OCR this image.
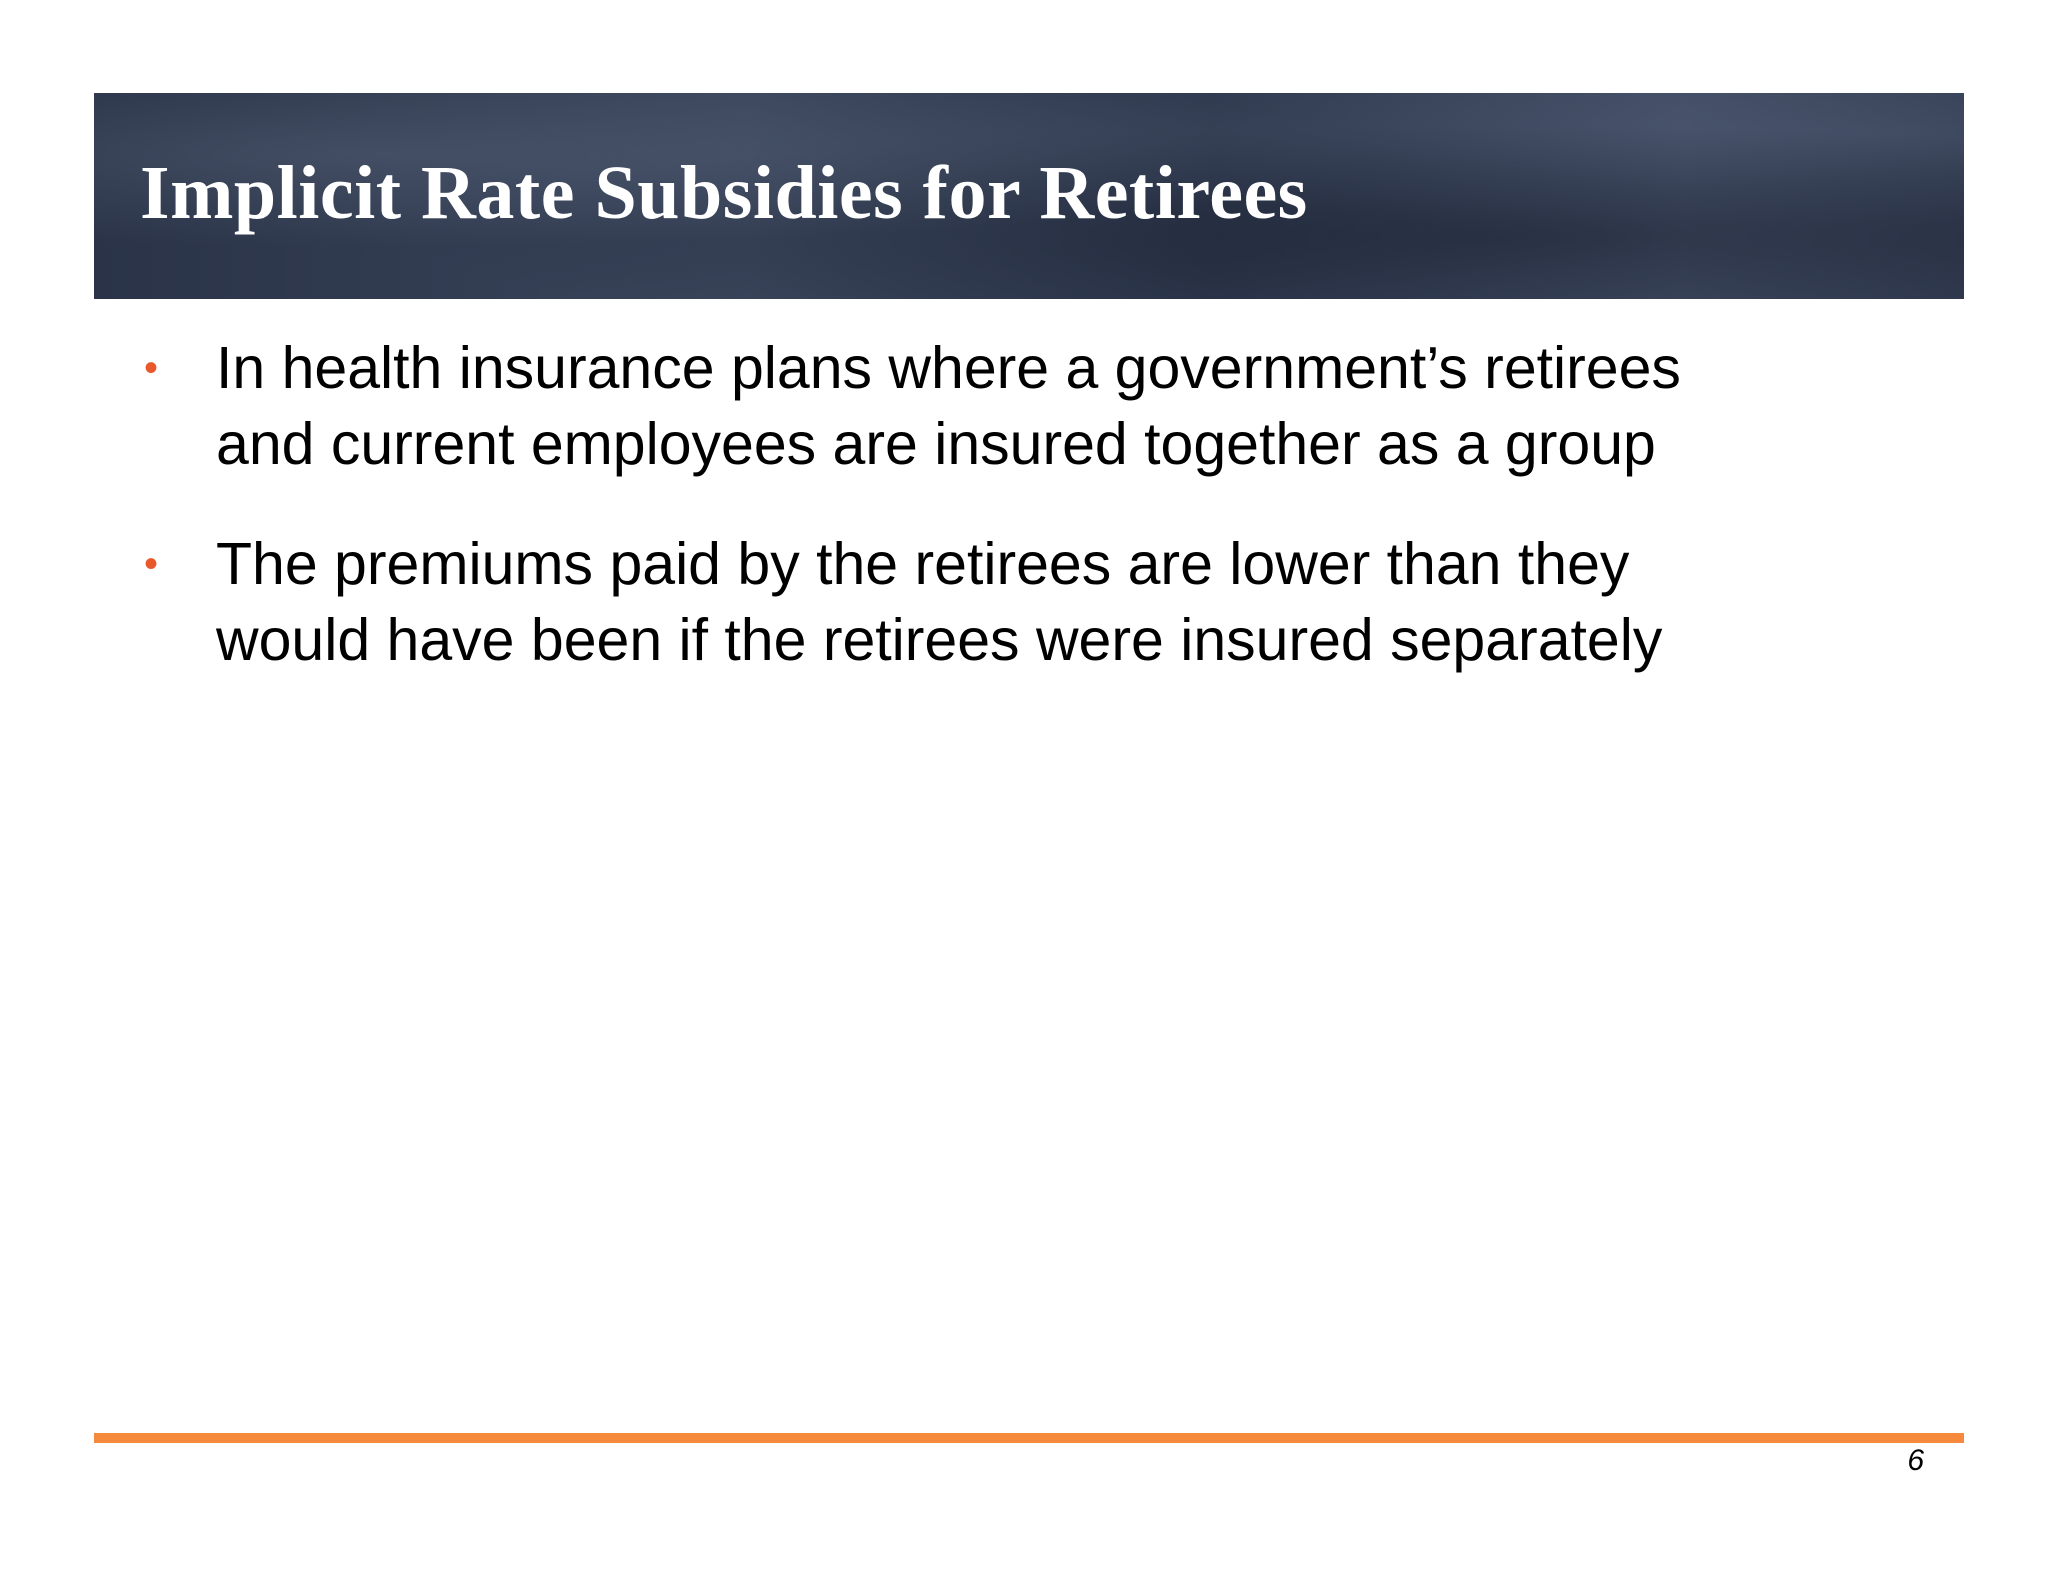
Implicit Rate Subsidies for Retirees
• In health insurance plans where a government’s retirees
and current employees are insured together as a group
• The premiums paid by the retirees are lower than they
would have been if the retirees were insured separately
6
